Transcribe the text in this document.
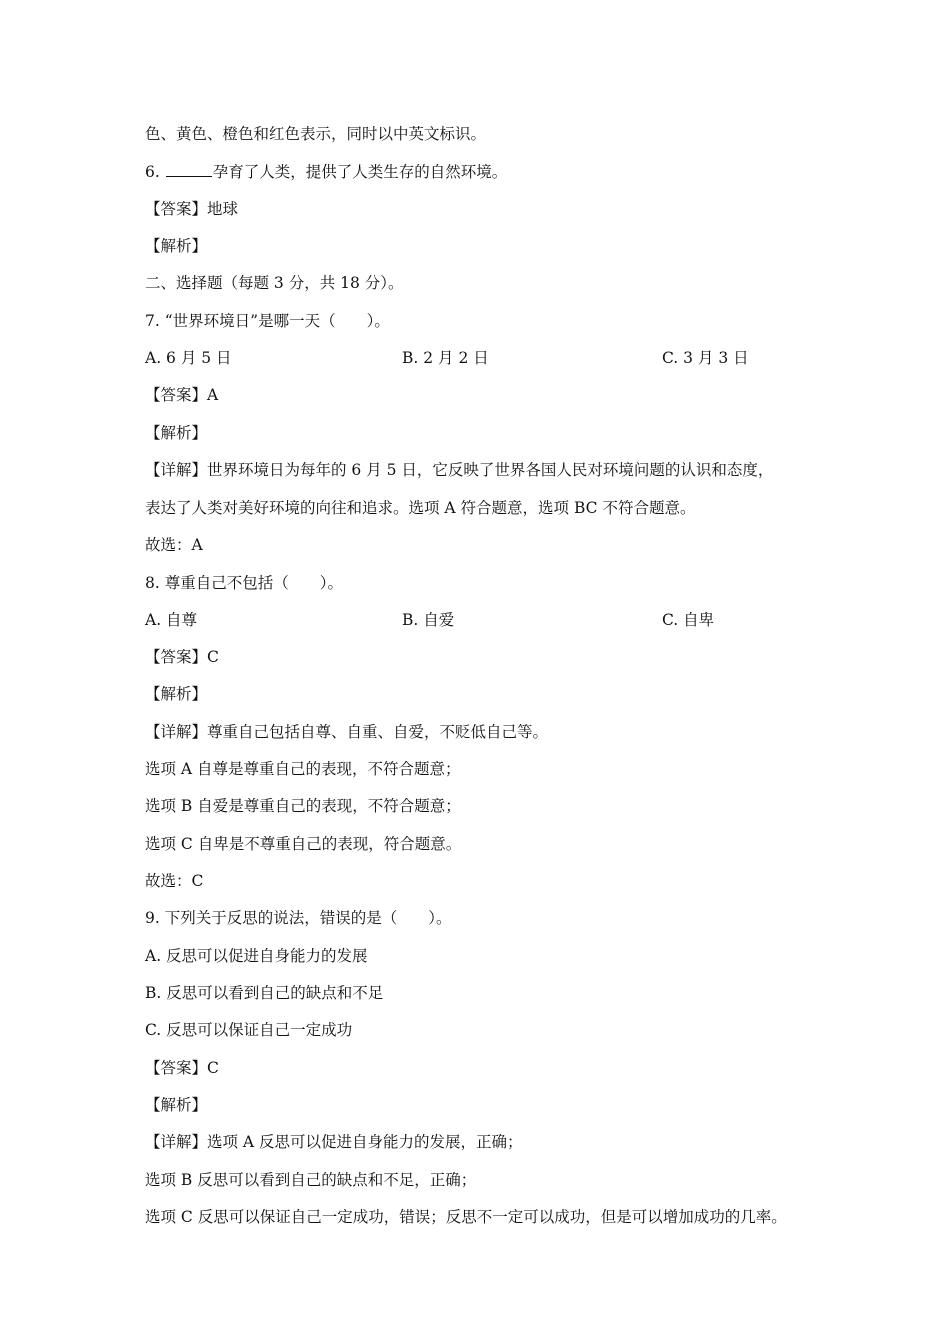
色、黄色、橙色和红色表示，同时以中英文标识。
6.	孕育了人类，提供了人类生存的自然环境。
【答案】地球
【解析】
二、选择题（每题 3 分，共 18 分）。
7. “世界环境日”是哪一天（　　）。
A. 6 月 5 日	B. 2 月 2 日	C. 3 月 3 日
【答案】A
【解析】
【详解】世界环境日为每年的 6 月 5 日，它反映了世界各国人民对环境问题的认识和态度，
表达了人类对美好环境的向往和追求。选项 A 符合题意，选项 BC 不符合题意。
故选：A
8. 尊重自己不包括（　　）。
A. 自尊	B. 自爱	C. 自卑
【答案】C
【解析】
【详解】尊重自己包括自尊、自重、自爱，不贬低自己等。
选项 A 自尊是尊重自己的表现，不符合题意；
选项 B 自爱是尊重自己的表现，不符合题意；
选项 C 自卑是不尊重自己的表现，符合题意。
故选：C
9. 下列关于反思的说法，错误的是（　　）。
A. 反思可以促进自身能力的发展
B. 反思可以看到自己的缺点和不足
C. 反思可以保证自己一定成功
【答案】C
【解析】
【详解】选项 A 反思可以促进自身能力的发展，正确；
选项 B 反思可以看到自己的缺点和不足，正确；
选项 C 反思可以保证自己一定成功，错误；反思不一定可以成功，但是可以增加成功的几率。
